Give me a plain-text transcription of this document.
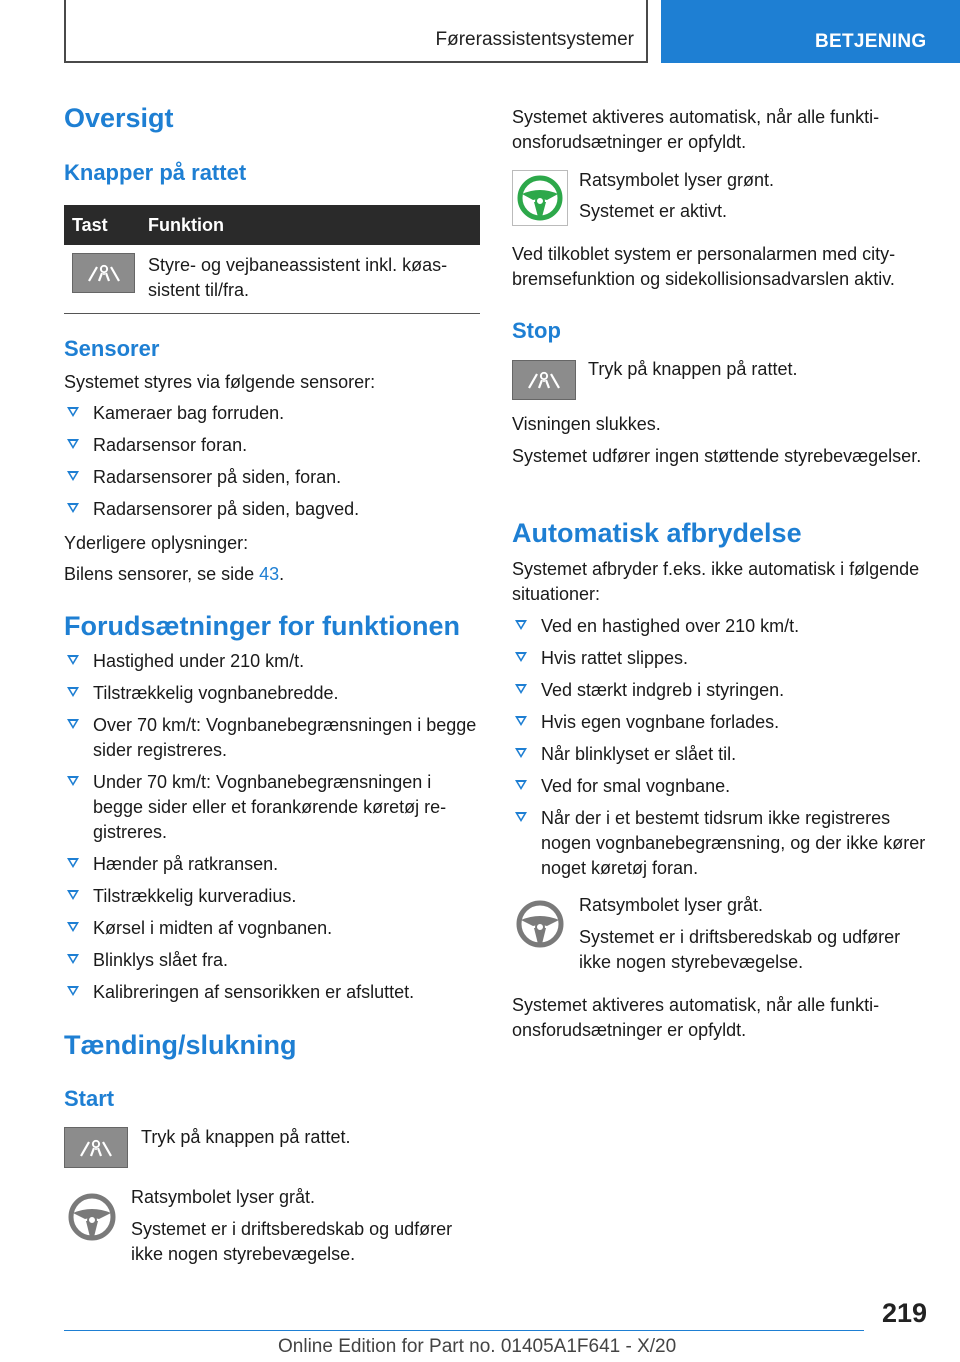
Førerassistentsystemer	BETJENING
Oversigt
Knapper på rattet
Tast	Funktion
	Styre- og vejbaneassistent inkl. køassistent til/fra.
Sensorer

Systemet styres via følgende sensorer:

Kameraer bag forruden.
Radarsensor foran.
Radarsensorer på siden, foran.
Radarsensorer på siden, bagved.

Yderligere oplysninger:

Bilens sensorer, se side 43.

Forudsætninger for funktionen
Hastighed under 210 km/t.
Tilstrækkelig vognbanebredde.
Over 70 km/t: Vognbanebegrænsningen i begge sider registreres.
Under 70 km/t: Vognbanebegrænsningen i begge sider eller et forankørende køretøj registreres.
Hænder på ratkransen.
Tilstrækkelig kurveradius.
Kørsel i midten af vognbanen.
Blinklys slået fra.
Kalibreringen af sensorikken er afsluttet.
Tænding/slukning
Start

Tryk på knappen på rattet.

Ratsymbolet lyser gråt.

Systemet er i driftsberedskab og udfører ikke nogen styrebevægelse.

Systemet aktiveres automatisk, når alle funktionsforudsætninger er opfyldt.

Ratsymbolet lyser grønt.

Systemet er aktivt.

Ved tilkoblet system er personalarmen med city-bremsefunktion og sidekollisionsadvarslen aktiv.

Stop

Tryk på knappen på rattet.

Visningen slukkes.

Systemet udfører ingen støttende styrebevægelser.

Automatisk afbrydelse

Systemet afbryder f.eks. ikke automatisk i følgende situationer:

Ved en hastighed over 210 km/t.
Hvis rattet slippes.
Ved stærkt indgreb i styringen.
Hvis egen vognbane forlades.
Når blinklyset er slået til.
Ved for smal vognbane.
Når der i et bestemt tidsrum ikke registreres nogen vognbanebegrænsning, og der ikke kører noget køretøj foran.

Ratsymbolet lyser gråt.

Systemet er i driftsberedskab og udfører ikke nogen styrebevægelse.

Systemet aktiveres automatisk, når alle funktionsforudsætninger er opfyldt.

219
Online Edition for Part no. 01405A1F641 - X/20
